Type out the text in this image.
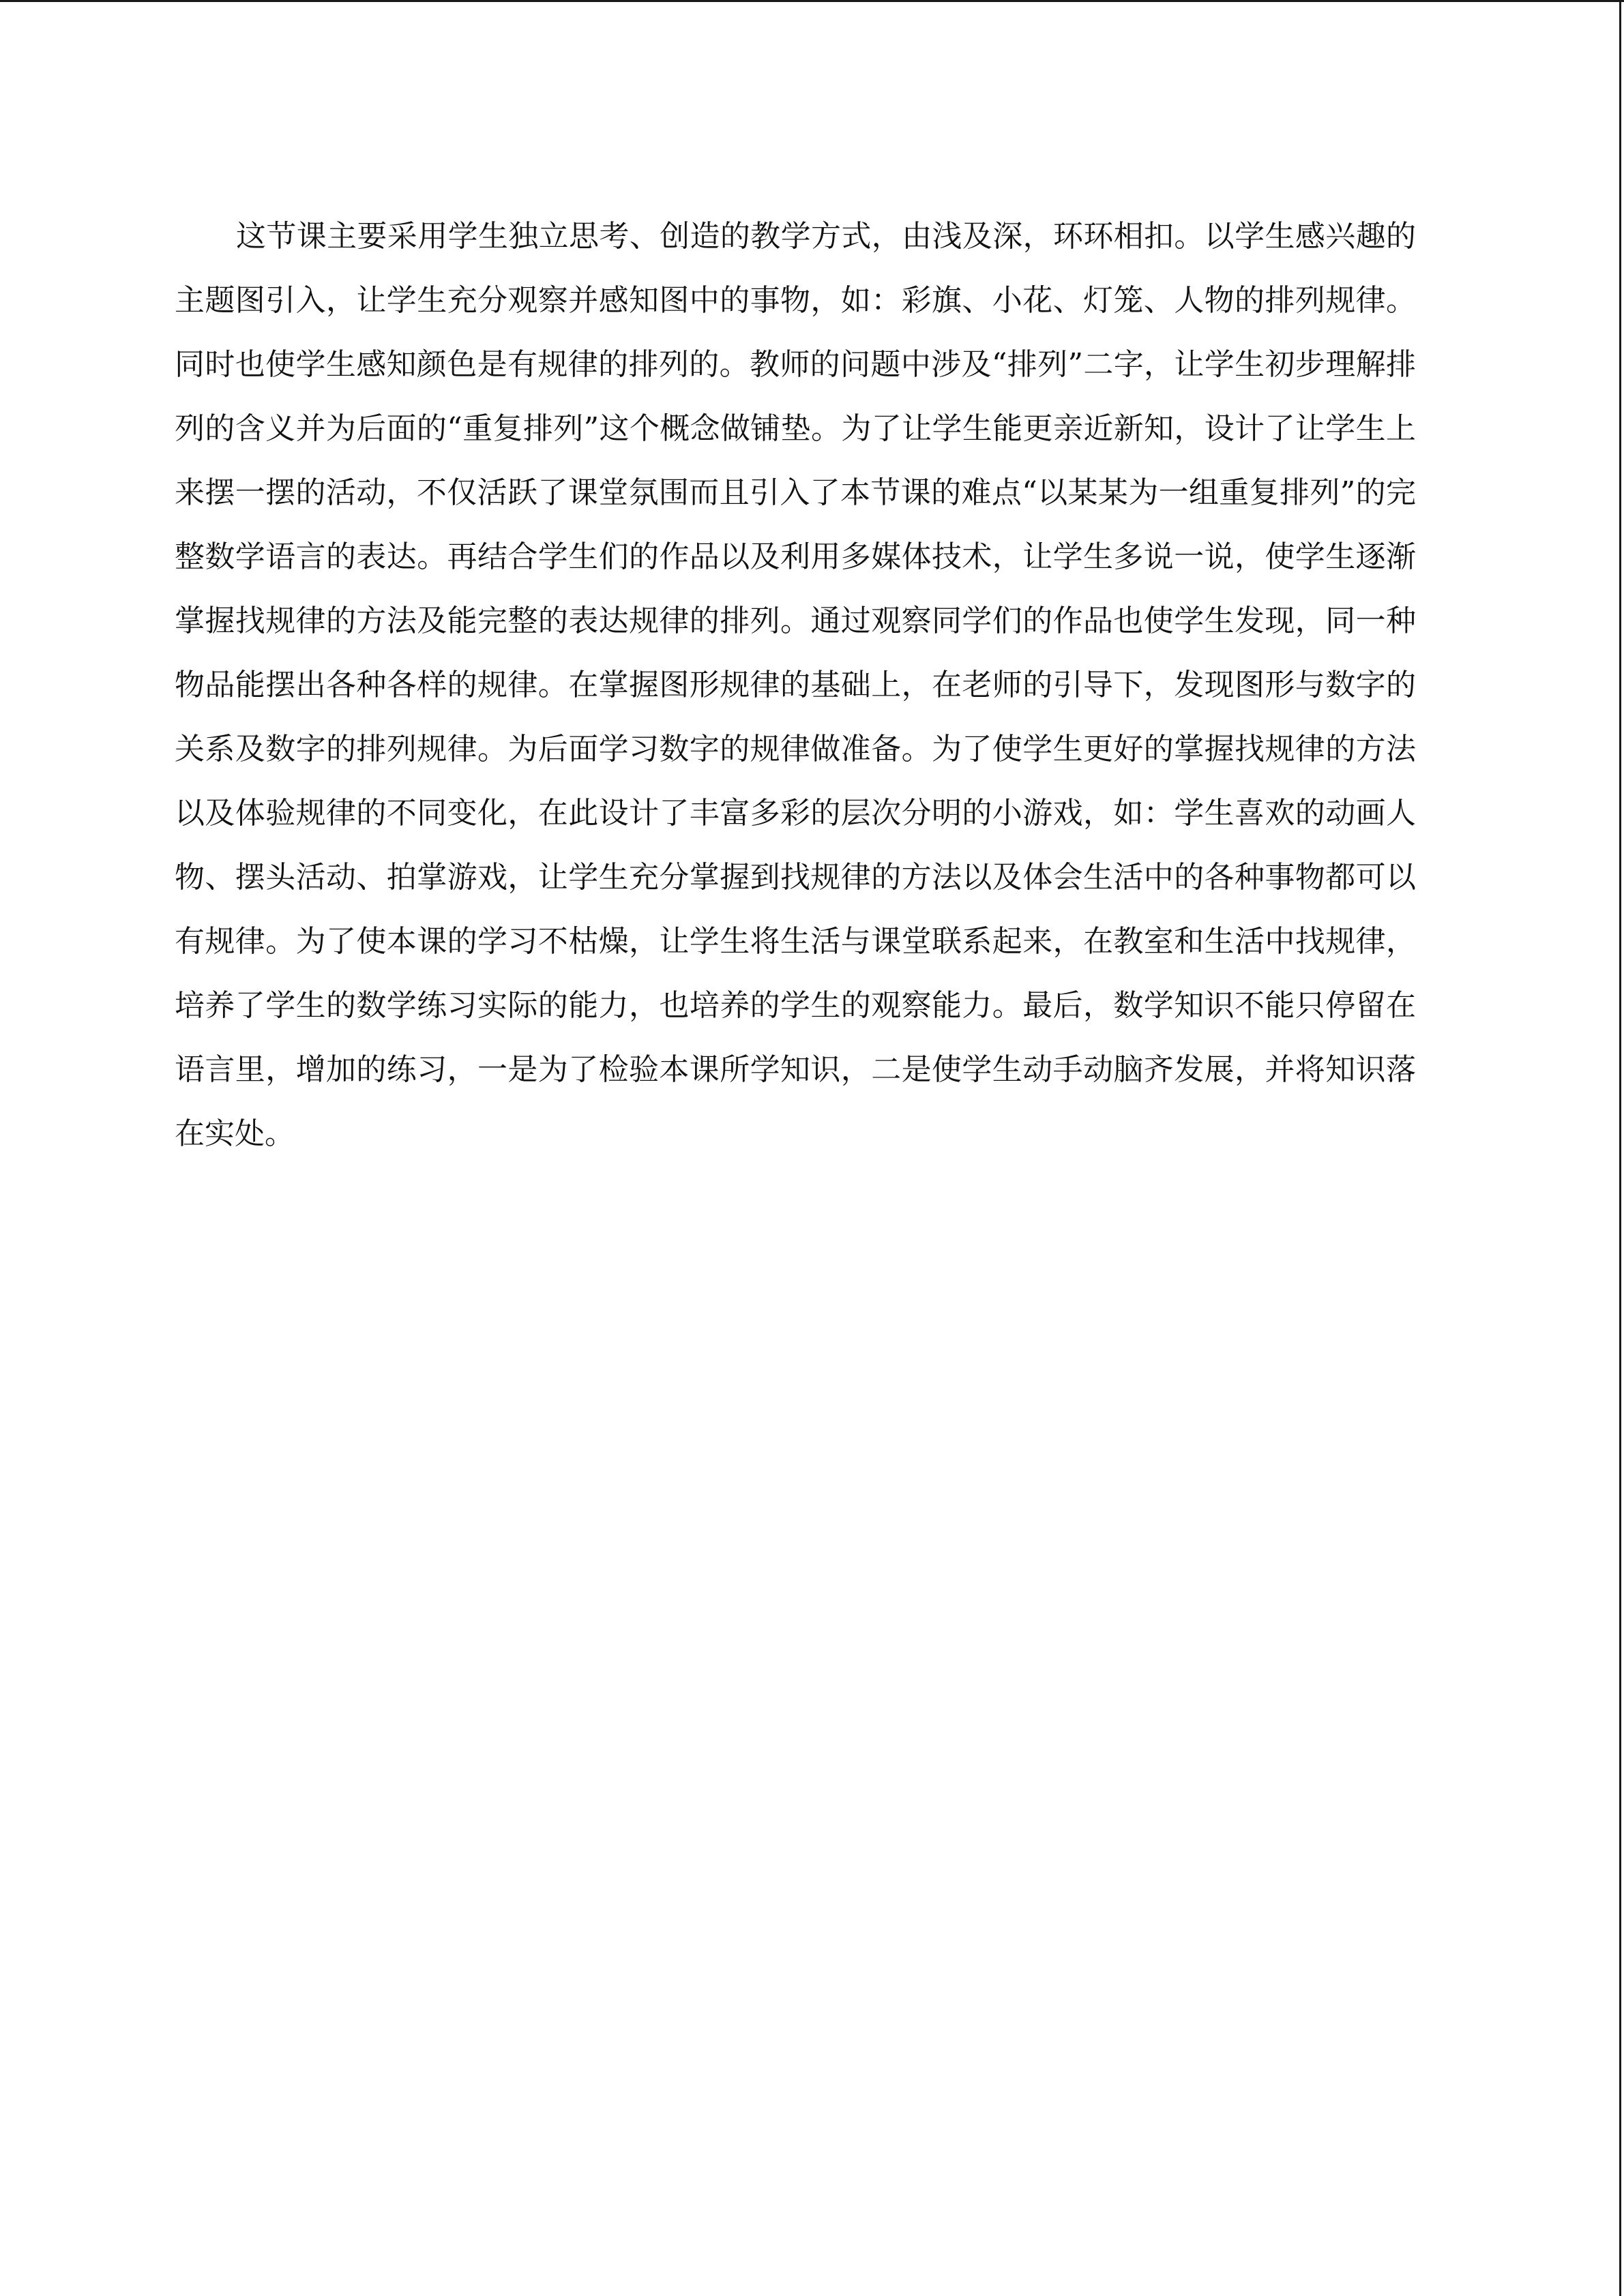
这节课主要采用学生独立思考、创造的教学方式，由浅及深，环环相扣。以学生感兴趣的主题图引入，让学生充分观察并感知图中的事物，如：彩旗、小花、灯笼、人物的排列规律。同时也使学生感知颜色是有规律的排列的。教师的问题中涉及“排列”二字，让学生初步理解排列的含义并为后面的“重复排列”这个概念做铺垫。为了让学生能更亲近新知，设计了让学生上来摆一摆的活动，不仅活跃了课堂氛围而且引入了本节课的难点“以某某为一组重复排列”的完整数学语言的表达。再结合学生们的作品以及利用多媒体技术，让学生多说一说，使学生逐渐掌握找规律的方法及能完整的表达规律的排列。通过观察同学们的作品也使学生发现，同一种物品能摆出各种各样的规律。在掌握图形规律的基础上，在老师的引导下，发现图形与数字的关系及数字的排列规律。为后面学习数字的规律做准备。为了使学生更好的掌握找规律的方法以及体验规律的不同变化，在此设计了丰富多彩的层次分明的小游戏，如：学生喜欢的动画人物、摆头活动、拍掌游戏，让学生充分掌握到找规律的方法以及体会生活中的各种事物都可以有规律。为了使本课的学习不枯燥，让学生将生活与课堂联系起来，在教室和生活中找规律，培养了学生的数学练习实际的能力，也培养的学生的观察能力。最后，数学知识不能只停留在语言里，增加的练习，一是为了检验本课所学知识，二是使学生动手动脑齐发展，并将知识落在实处。
